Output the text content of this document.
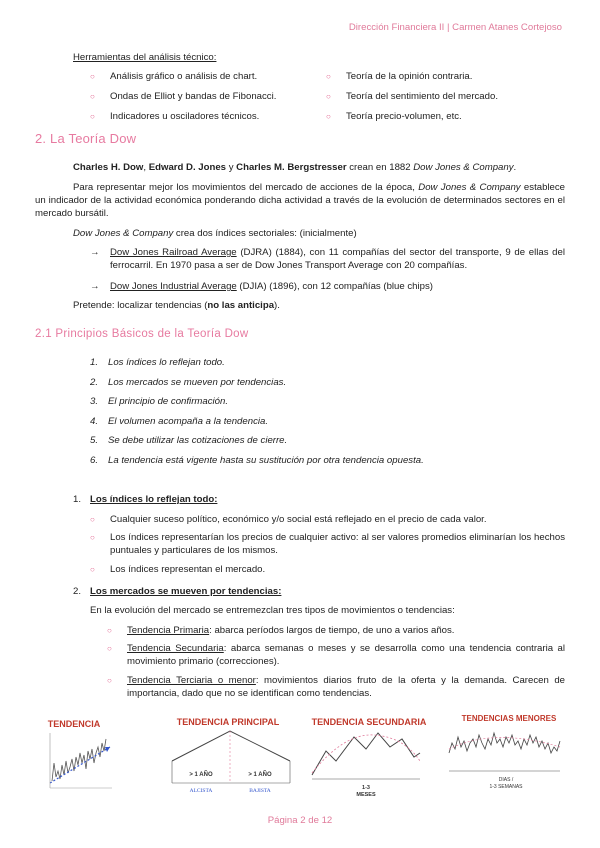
Dirección Financiera II | Carmen Atanes Cortejoso
Herramientas del análisis técnico:
○	Análisis gráfico o análisis de chart.
○	Ondas de Elliot y bandas de Fibonacci.
○	Indicadores u osciladores técnicos.
○	Teoría de la opinión contraria.
○	Teoría del sentimiento del mercado.
○	Teoría precio-volumen, etc.
2. La Teoría Dow
Charles H. Dow, Edward D. Jones y Charles M. Bergstresser crean en 1882 Dow Jones & Company.
Para representar mejor los movimientos del mercado de acciones de la época, Dow Jones & Company establece un indicador de la actividad económica ponderando dicha actividad a través de la evolución de determinados sectores en el mercado bursátil.
Dow Jones & Company crea dos índices sectoriales: (inicialmente)
→	Dow Jones Railroad Average (DJRA) (1884), con 11 compañías del sector del transporte, 9 de ellas del ferrocarril. En 1970 pasa a ser de Dow Jones Transport Average con 20 compañías.
→	Dow Jones Industrial Average (DJIA) (1896), con 12 compañías (blue chips)
Pretende: localizar tendencias (no las anticipa).
2.1 Principios Básicos de la Teoría Dow
1.	Los índices lo reflejan todo.
2.	Los mercados se mueven por tendencias.
3.	El principio de confirmación.
4.	El volumen acompaña a la tendencia.
5.	Se debe utilizar las cotizaciones de cierre.
6.	La tendencia está vigente hasta su sustitución por otra tendencia opuesta.
1. Los índices lo reflejan todo:
○	Cualquier suceso político, económico y/o social está reflejado en el precio de cada valor.
○	Los índices representarían los precios de cualquier activo: al ser valores promedios eliminarían los hechos puntuales y particulares de los mismos.
○	Los índices representan el mercado.
2. Los mercados se mueven por tendencias:
En la evolución del mercado se entremezclan tres tipos de movimientos o tendencias:
○	Tendencia Primaria: abarca períodos largos de tiempo, de uno a varios años.
○	Tendencia Secundaria: abarca semanas o meses y se desarrolla como una tendencia contraria al movimiento primario (correcciones).
○	Tendencia Terciaria o menor: movimientos diarios fruto de la oferta y la demanda. Carecen de importancia, dado que no se identifican como tendencias.
TENDENCIA	TENDENCIA PRINCIPAL
> 1 AÑO	> 1 AÑO
ALCISTA	BAJISTA
TENDENCIA SECUNDARIA
1-3
MESES
TENDENCIAS MENORES
DIAS /
1-3 SEMANAS
Página 2 de 12
